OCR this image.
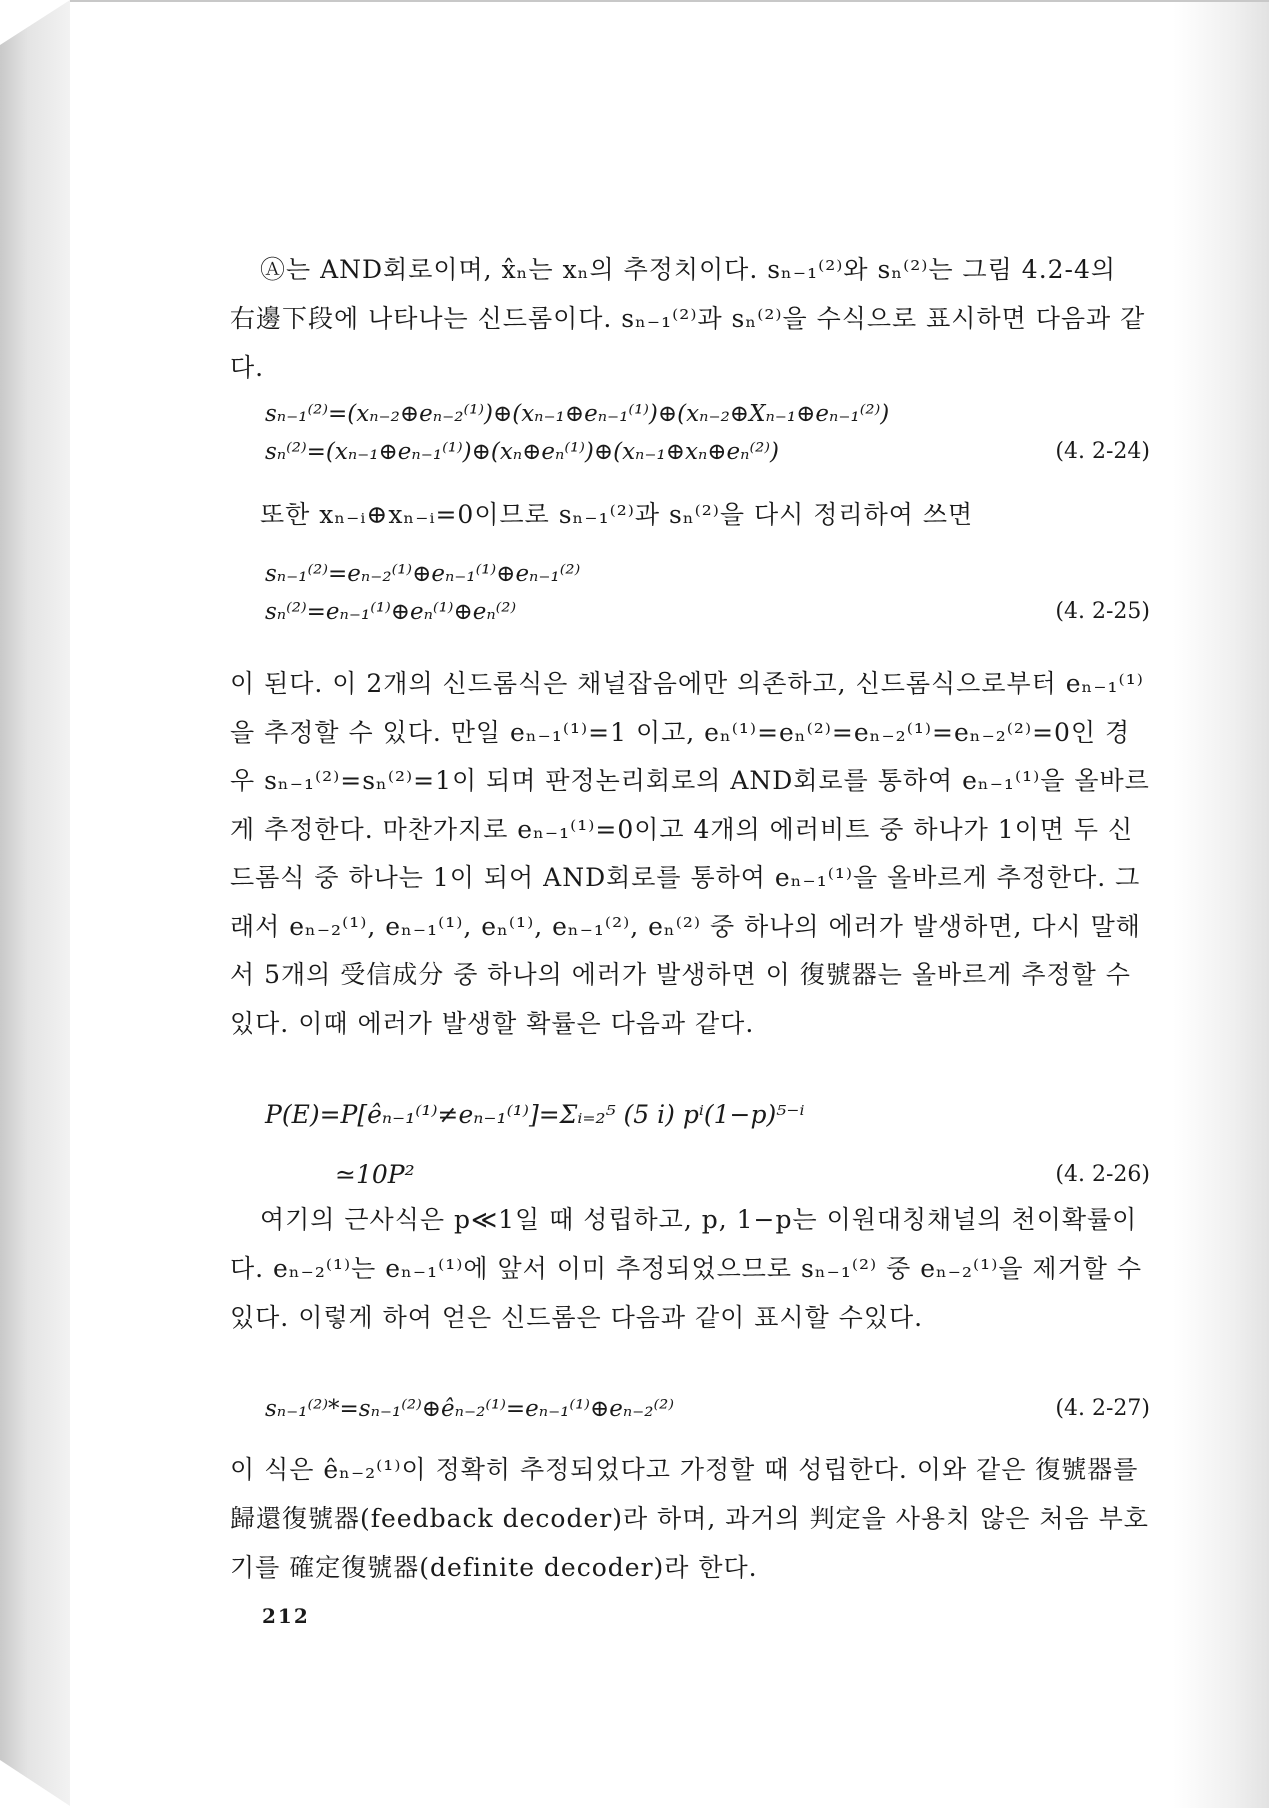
Ⓐ는 AND회로이며, x̂ₙ는 xₙ의 추정치이다. sₙ₋₁⁽²⁾와 sₙ⁽²⁾는 그림 4.2-4의 右邊下段에 나타나는 신드롬이다. sₙ₋₁⁽²⁾과 sₙ⁽²⁾을 수식으로 표시하면 다음과 같다.

sₙ₋₁⁽²⁾=(xₙ₋₂⊕eₙ₋₂⁽¹⁾)⊕(xₙ₋₁⊕eₙ₋₁⁽¹⁾)⊕(xₙ₋₂⊕Xₙ₋₁⊕eₙ₋₁⁽²⁾)
sₙ⁽²⁾=(xₙ₋₁⊕eₙ₋₁⁽¹⁾)⊕(xₙ⊕eₙ⁽¹⁾)⊕(xₙ₋₁⊕xₙ⊕eₙ⁽²⁾)	(4. 2-24)

또한 xₙ₋ᵢ⊕xₙ₋ᵢ=0이므로 sₙ₋₁⁽²⁾과 sₙ⁽²⁾을 다시 정리하여 쓰면

sₙ₋₁⁽²⁾=eₙ₋₂⁽¹⁾⊕eₙ₋₁⁽¹⁾⊕eₙ₋₁⁽²⁾
sₙ⁽²⁾=eₙ₋₁⁽¹⁾⊕eₙ⁽¹⁾⊕eₙ⁽²⁾	(4. 2-25)

이 된다. 이 2개의 신드롬식은 채널잡음에만 의존하고, 신드롬식으로부터 eₙ₋₁⁽¹⁾을 추정할 수 있다. 만일 eₙ₋₁⁽¹⁾=1 이고, eₙ⁽¹⁾=eₙ⁽²⁾=eₙ₋₂⁽¹⁾=eₙ₋₂⁽²⁾=0인 경우 sₙ₋₁⁽²⁾=sₙ⁽²⁾=1이 되며 판정논리회로의 AND회로를 통하여 eₙ₋₁⁽¹⁾을 올바르게 추정한다. 마찬가지로 eₙ₋₁⁽¹⁾=0이고 4개의 에러비트 중 하나가 1이면 두 신드롬식 중 하나는 1이 되어 AND회로를 통하여 eₙ₋₁⁽¹⁾을 올바르게 추정한다. 그래서 eₙ₋₂⁽¹⁾, eₙ₋₁⁽¹⁾, eₙ⁽¹⁾, eₙ₋₁⁽²⁾, eₙ⁽²⁾ 중 하나의 에러가 발생하면, 다시 말해서 5개의 受信成分 중 하나의 에러가 발생하면 이 復號器는 올바르게 추정할 수 있다. 이때 에러가 발생할 확률은 다음과 같다.

P(E)=P[êₙ₋₁⁽¹⁾≠eₙ₋₁⁽¹⁾]=Σᵢ₌₂⁵ (5 i) pⁱ(1−p)⁵⁻ⁱ
≃10P²	(4. 2-26)

여기의 근사식은 p≪1일 때 성립하고, p, 1−p는 이원대칭채널의 천이확률이다. eₙ₋₂⁽¹⁾는 eₙ₋₁⁽¹⁾에 앞서 이미 추정되었으므로 sₙ₋₁⁽²⁾ 중 eₙ₋₂⁽¹⁾을 제거할 수 있다. 이렇게 하여 얻은 신드롬은 다음과 같이 표시할 수있다.

sₙ₋₁⁽²⁾*=sₙ₋₁⁽²⁾⊕êₙ₋₂⁽¹⁾=eₙ₋₁⁽¹⁾⊕eₙ₋₂⁽²⁾	(4. 2-27)

이 식은 êₙ₋₂⁽¹⁾이 정확히 추정되었다고 가정할 때 성립한다. 이와 같은 復號器를 歸還復號器(feedback decoder)라 하며, 과거의 判定을 사용치 않은 처음 부호기를 確定復號器(definite decoder)라 한다.

212
